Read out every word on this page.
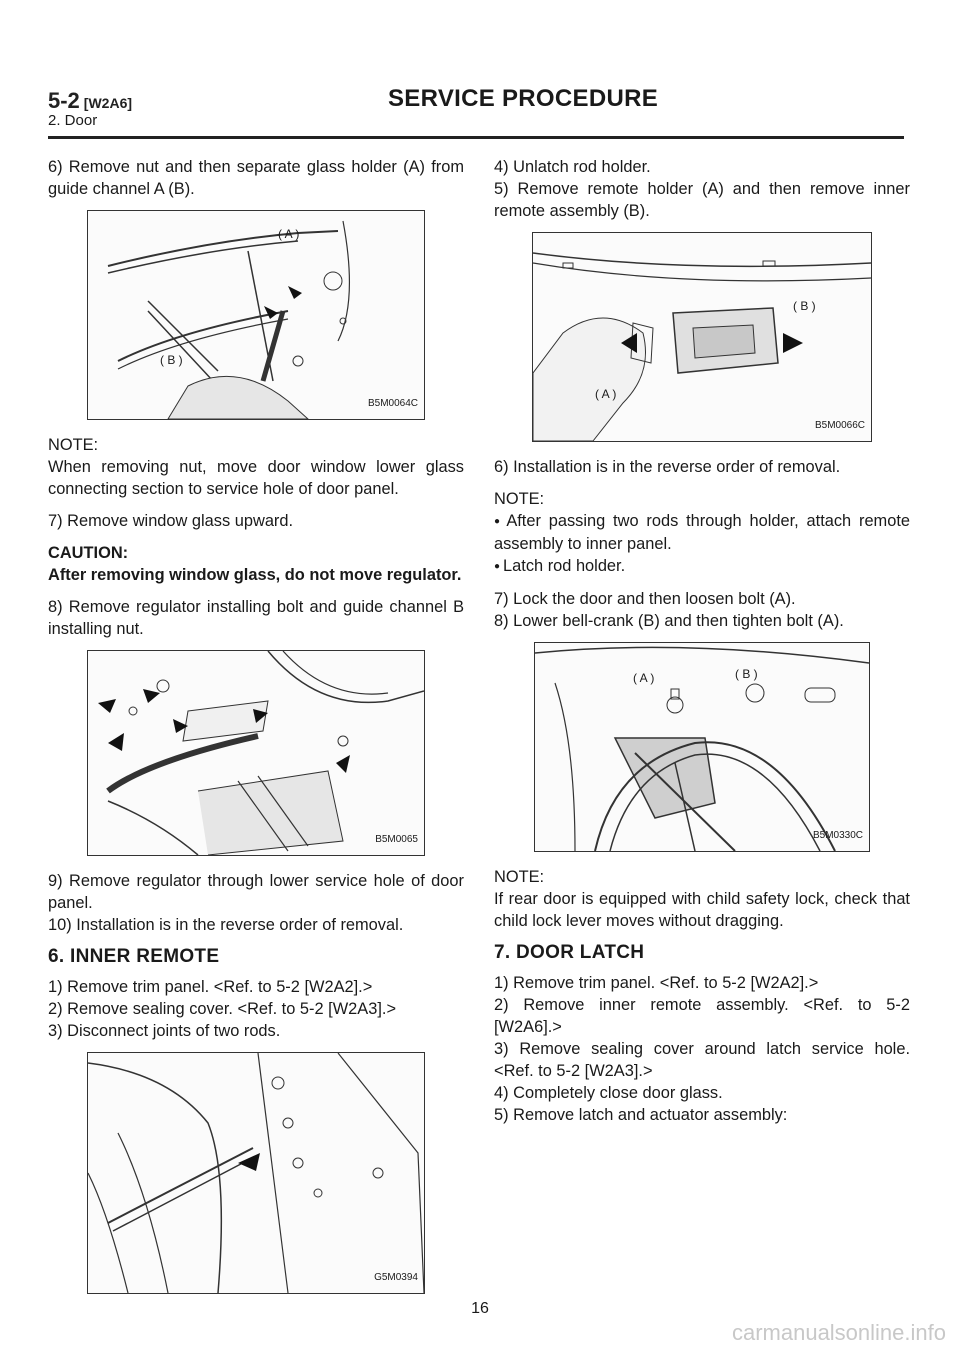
5-2 [W2A6]	SERVICE PROCEDURE
2. Door

6) Remove nut and then separate glass holder (A) from guide channel A (B).

( A )
( B )
B5M0064C

NOTE:

When removing nut, move door window lower glass connecting section to service hole of door panel.

7) Remove window glass upward.

CAUTION:

After removing window glass, do not move regulator.

8) Remove regulator installing bolt and guide channel B installing nut.

B5M0065

9) Remove regulator through lower service hole of door panel.

10) Installation is in the reverse order of removal.

6. INNER REMOTE

1) Remove trim panel. <Ref. to 5-2 [W2A2].>

2) Remove sealing cover. <Ref. to 5-2 [W2A3].>

3) Disconnect joints of two rods.

G5M0394

4) Unlatch rod holder.

5) Remove remote holder (A) and then remove inner remote assembly (B).

( B )
( A )
B5M0066C

6) Installation is in the reverse order of removal.

NOTE:

● After passing two rods through holder, attach remote assembly to inner panel.

● Latch rod holder.

7) Lock the door and then loosen bolt (A).

8) Lower bell-crank (B) and then tighten bolt (A).

( A )	( B )
B5M0330C

NOTE:

If rear door is equipped with child safety lock, check that child lock lever moves without dragging.

7. DOOR LATCH

1) Remove trim panel. <Ref. to 5-2 [W2A2].>

2) Remove inner remote assembly. <Ref. to 5-2 [W2A6].>

3) Remove sealing cover around latch service hole. <Ref. to 5-2 [W2A3].>

4) Completely close door glass.

5) Remove latch and actuator assembly:

16
carmanualsonline.info
